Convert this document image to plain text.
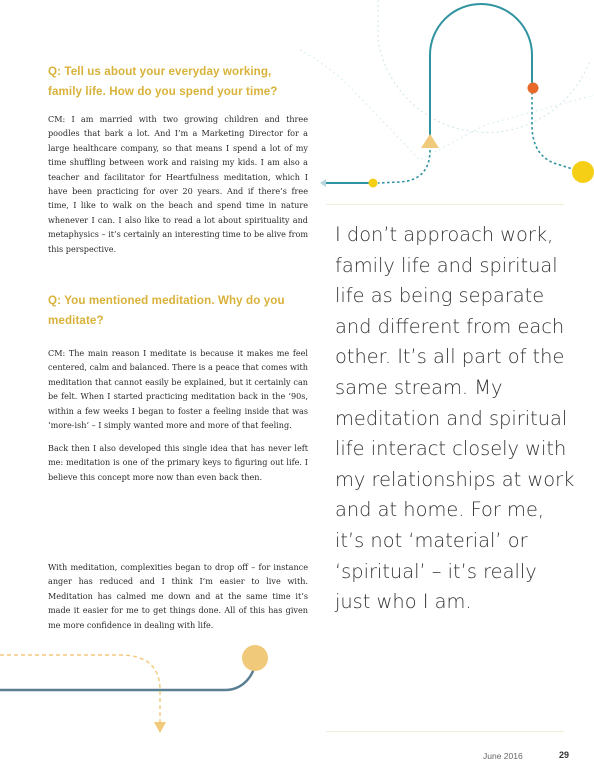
Q: Tell us about your everyday working, family life. How do you spend your time?

CM: I am married with two growing children and three poodles that bark a lot. And I’m a Marketing Director for a large healthcare company, so that means I spend a lot of my time shuffling between work and raising my kids. I am also a teacher and facilitator for Heartfulness meditation, which I have been practicing for over 20 years. And if there’s free time, I like to walk on the beach and spend time in nature whenever I can. I also like to read a lot about spirituality and metaphysics – it’s certainly an interesting time to be alive from this perspective.

Q: You mentioned meditation. Why do you meditate?

CM: The main reason I meditate is because it makes me feel centered, calm and balanced. There is a peace that comes with meditation that cannot easily be explained, but it certainly can be felt. When I started practicing meditation back in the ’90s, within a few weeks I began to foster a feeling inside that was ‘more-ish’ – I simply wanted more and more of that feeling.

Back then I also developed this single idea that has never left me: meditation is one of the primary keys to figuring out life. I believe this concept more now than even back then.

With meditation, complexities began to drop off – for instance anger has reduced and I think I’m easier to live with. Meditation has calmed me down and at the same time it’s made it easier for me to get things done. All of this has given me more confidence in dealing with life.

I don’t approach work, family life and spiritual life as being separate and different from each other. It’s all part of the same stream. My meditation and spiritual life interact closely with my relationships at work and at home. For me, it’s not ‘material’ or ‘spiritual’ – it’s really just who I am.

June 2016	29
